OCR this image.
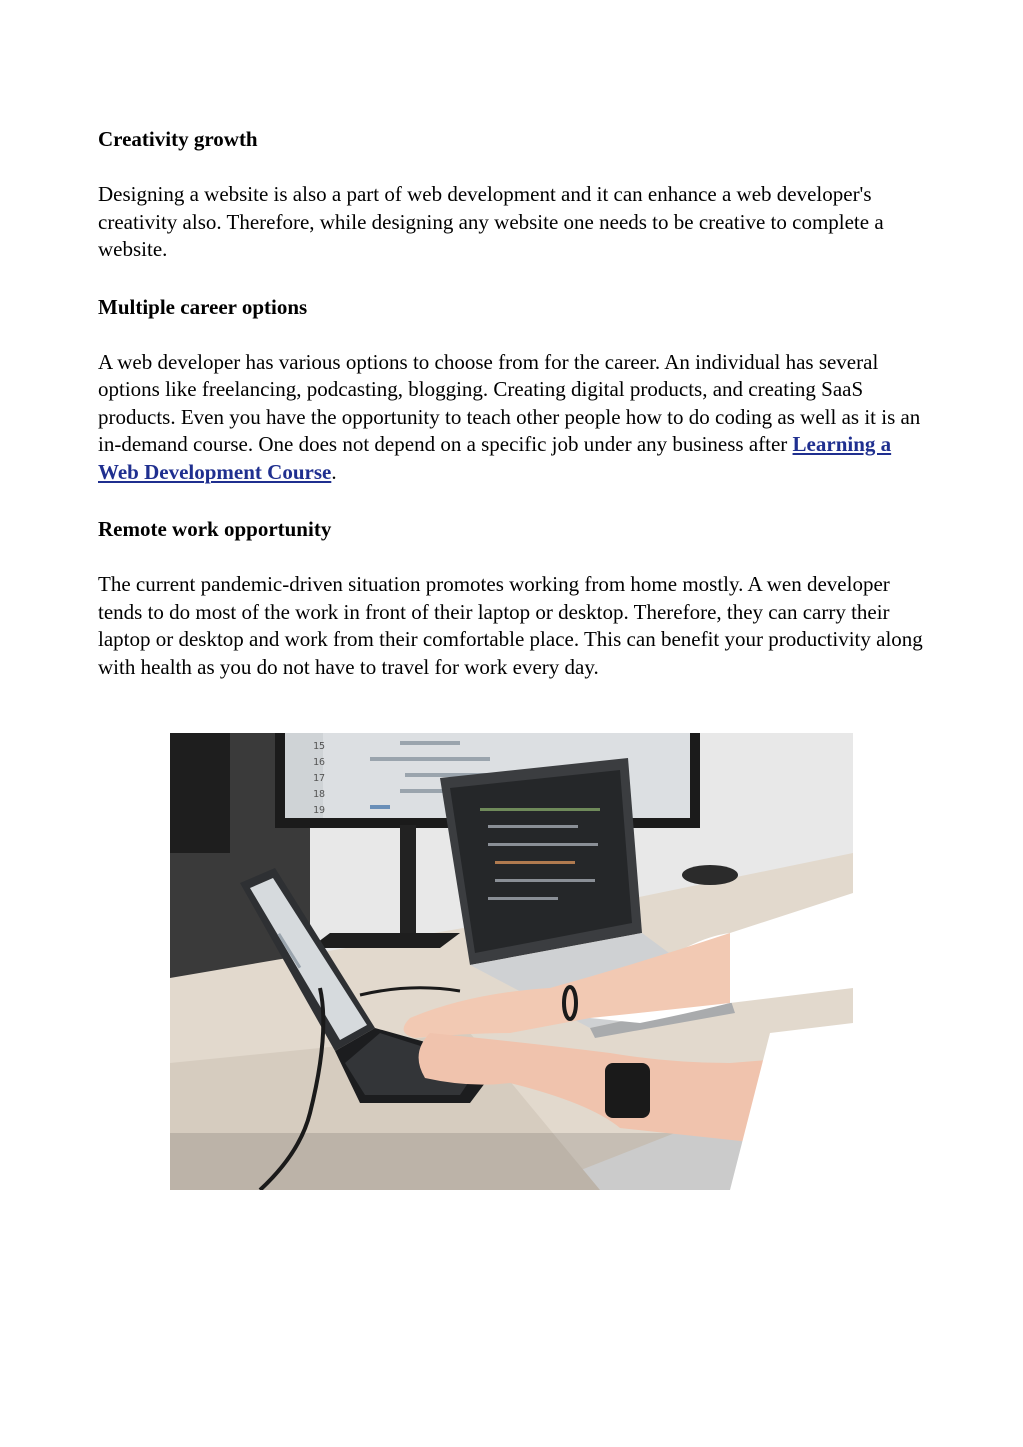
Creativity growth

Designing a website is also a part of web development and it can enhance a web developer's creativity also. Therefore, while designing any website one needs to be creative to complete a website.

Multiple career options

A web developer has various options to choose from for the career. An individual has several options like freelancing, podcasting, blogging. Creating digital products, and creating SaaS products. Even you have the opportunity to teach other people how to do coding as well as it is an in-demand course. One does not depend on a specific job under any business after Learning a Web Development Course.

Remote work opportunity

The current pandemic-driven situation promotes working from home mostly. A wen developer tends to do most of the work in front of their laptop or desktop. Therefore, they can carry their laptop or desktop and work from their comfortable place. This can benefit your productivity along with health as you do not have to travel for work every day.

15
16
17
18
19
